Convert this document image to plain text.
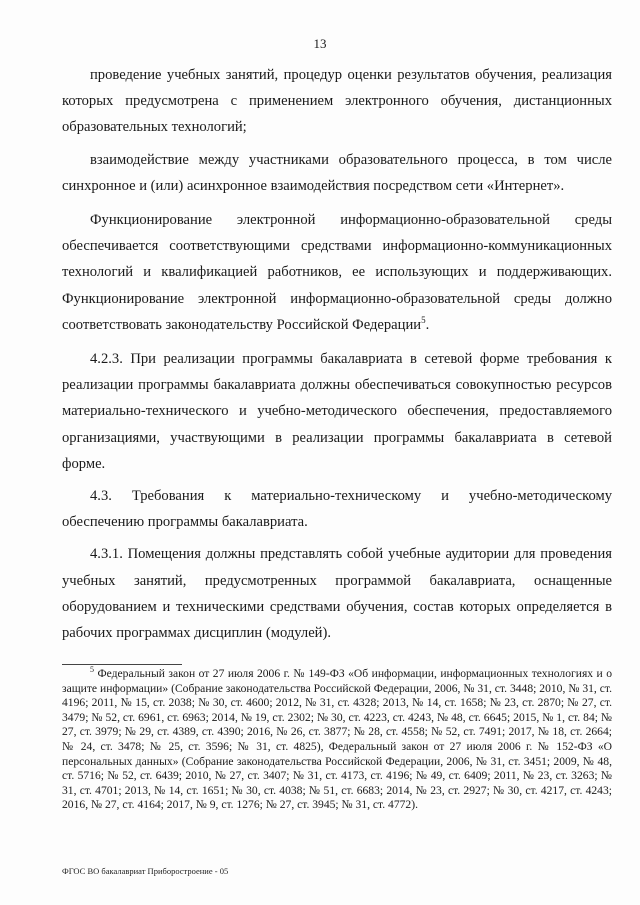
13

проведение учебных занятий, процедур оценки результатов обучения, реализация которых предусмотрена с применением электронного обучения, дистанционных образовательных технологий;

взаимодействие между участниками образовательного процесса, в том числе синхронное и (или) асинхронное взаимодействия посредством сети «Интернет».

Функционирование электронной информационно-образовательной среды обеспечивается соответствующими средствами информационно-коммуникационных технологий и квалификацией работников, ее использующих и поддерживающих. Функционирование электронной информационно-образовательной среды должно соответствовать законодательству Российской Федерации$^5$.

4.2.3. При реализации программы бакалавриата в сетевой форме требования к реализации программы бакалавриата должны обеспечиваться совокупностью ресурсов материально-технического и учебно-методического обеспечения, предоставляемого организациями, участвующими в реализации программы бакалавриата в сетевой форме.

4.3. Требования к материально-техническому и учебно-методическому обеспечению программы бакалавриата.

4.3.1. Помещения должны представлять собой учебные аудитории для проведения учебных занятий, предусмотренных программой бакалавриата, оснащенные оборудованием и техническими средствами обучения, состав которых определяется в рабочих программах дисциплин (модулей).

$^5$ Федеральный закон от 27 июля 2006 г. № 149-ФЗ «Об информации, информационных технологиях и о защите информации» (Собрание законодательства Российской Федерации, 2006, № 31, ст. 3448; 2010, № 31, ст. 4196; 2011, № 15, ст. 2038; № 30, ст. 4600; 2012, № 31, ст. 4328; 2013, № 14, ст. 1658; № 23, ст. 2870; № 27, ст. 3479; № 52, ст. 6961, ст. 6963; 2014, № 19, ст. 2302; № 30, ст. 4223, ст. 4243, № 48, ст. 6645; 2015, № 1, ст. 84; № 27, ст. 3979; № 29, ст. 4389, ст. 4390; 2016, № 26, ст. 3877; № 28, ст. 4558; № 52, ст. 7491; 2017, № 18, ст. 2664; № 24, ст. 3478; № 25, ст. 3596; № 31, ст. 4825), Федеральный закон от 27 июля 2006 г. № 152-ФЗ «О персональных данных» (Собрание законодательства Российской Федерации, 2006, № 31, ст. 3451; 2009, № 48, ст. 5716; № 52, ст. 6439; 2010, № 27, ст. 3407; № 31, ст. 4173, ст. 4196; № 49, ст. 6409; 2011, № 23, ст. 3263; № 31, ст. 4701; 2013, № 14, ст. 1651; № 30, ст. 4038; № 51, ст. 6683; 2014, № 23, ст. 2927; № 30, ст. 4217, ст. 4243; 2016, № 27, ст. 4164; 2017, № 9, ст. 1276; № 27, ст. 3945; № 31, ст. 4772).
ФГОС ВО бакалавриат Приборостроение - 05
